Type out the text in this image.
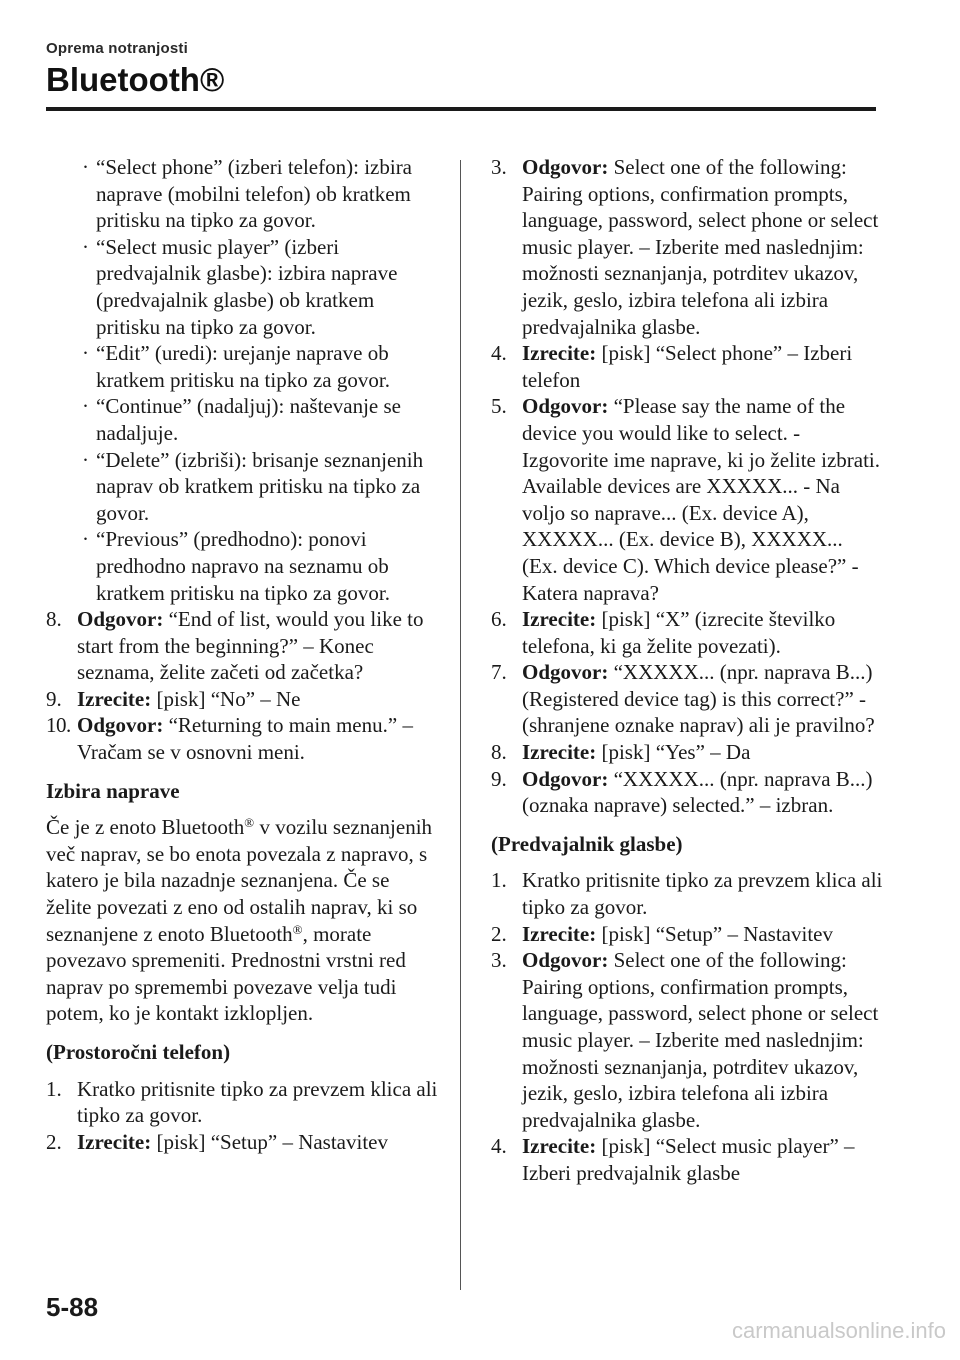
Oprema notranjosti
Bluetooth®
· “Select phone” (izberi telefon): izbira naprave (mobilni telefon) ob kratkem pritisku na tipko za govor.
· “Select music player” (izberi predvajalnik glasbe): izbira naprave (predvajalnik glasbe) ob kratkem pritisku na tipko za govor.
· “Edit” (uredi): urejanje naprave ob kratkem pritisku na tipko za govor.
· “Continue” (nadaljuj): naštevanje se nadaljuje.
· “Delete” (izbriši): brisanje seznanjenih naprav ob kratkem pritisku na tipko za govor.
· “Previous” (predhodno): ponovi predhodno napravo na seznamu ob kratkem pritisku na tipko za govor.
8. Odgovor: “End of list, would you like to start from the beginning?” – Konec seznama, želite začeti od začetka?
9. Izrecite: [pisk] “No” – Ne
10. Odgovor: “Returning to main menu.” – Vračam se v osnovni meni.
Izbira naprave
Če je z enoto Bluetooth® v vozilu seznanjenih več naprav, se bo enota povezala z napravo, s katero je bila nazadnje seznanjena. Če se želite povezati z eno od ostalih naprav, ki so seznanjene z enoto Bluetooth®, morate povezavo spremeniti. Prednostni vrstni red naprav po spremembi povezave velja tudi potem, ko je kontakt izklopljen.
(Prostoročni telefon)
1. Kratko pritisnite tipko za prevzem klica ali tipko za govor.
2. Izrecite: [pisk] “Setup” – Nastavitev
3. Odgovor: Select one of the following: Pairing options, confirmation prompts, language, password, select phone or select music player. – Izberite med naslednjim: možnosti seznanjanja, potrditev ukazov, jezik, geslo, izbira telefona ali izbira predvajalnika glasbe.
4. Izrecite: [pisk] “Select phone” – Izberi telefon
5. Odgovor: “Please say the name of the device you would like to select. - Izgovorite ime naprave, ki jo želite izbrati. Available devices are XXXXX... - Na voljo so naprave... (Ex. device A), XXXXX... (Ex. device B), XXXXX... (Ex. device C). Which device please?” - Katera naprava?
6. Izrecite: [pisk] “X” (izrecite številko telefona, ki ga želite povezati).
7. Odgovor: “XXXXX... (npr. naprava B...) (Registered device tag) is this correct?” - (shranjene oznake naprav) ali je pravilno?
8. Izrecite: [pisk] “Yes” – Da
9. Odgovor: “XXXXX... (npr. naprava B...) (oznaka naprave) selected.” – izbran.
(Predvajalnik glasbe)
1. Kratko pritisnite tipko za prevzem klica ali tipko za govor.
2. Izrecite: [pisk] “Setup” – Nastavitev
3. Odgovor: Select one of the following: Pairing options, confirmation prompts, language, password, select phone or select music player. – Izberite med naslednjim: možnosti seznanjanja, potrditev ukazov, jezik, geslo, izbira telefona ali izbira predvajalnika glasbe.
4. Izrecite: [pisk] “Select music player” – Izberi predvajalnik glasbe
5-88
carmanualsonline.info
